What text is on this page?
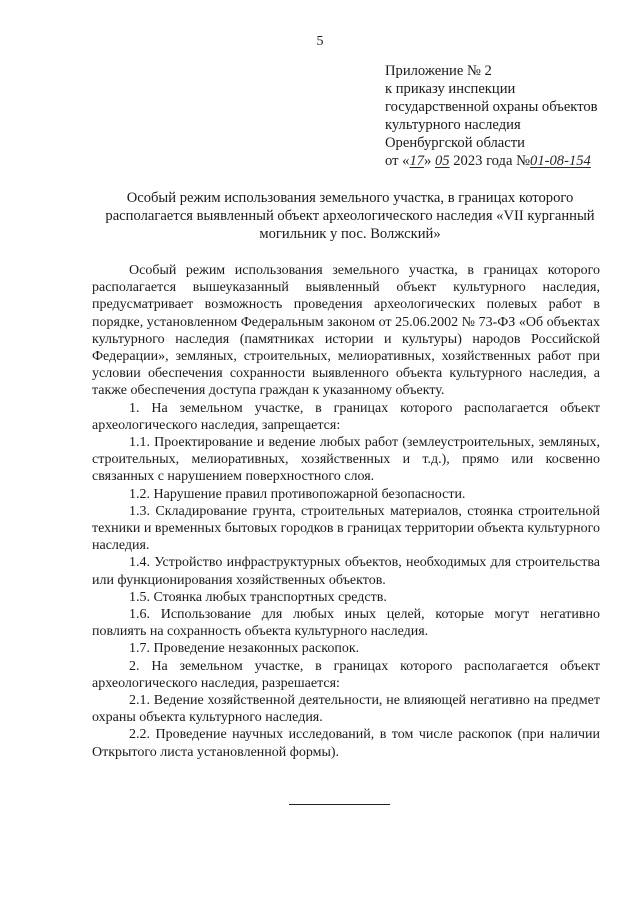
5
Приложение № 2
к приказу инспекции
государственной охраны объектов
культурного наследия
Оренбургской области
от «17» 05 2023 года №01-08-154
Особый режим использования земельного участка, в границах которого располагается выявленный объект археологического наследия «VII курганный могильник у пос. Волжский»

Особый режим использования земельного участка, в границах которого располагается вышеуказанный выявленный объект культурного наследия, предусматривает возможность проведения археологических полевых работ в порядке, установленном Федеральным законом от 25.06.2002 № 73-ФЗ «Об объектах культурного наследия (памятниках истории и культуры) народов Российской Федерации», земляных, строительных, мелиоративных, хозяйственных работ при условии обеспечения сохранности выявленного объекта культурного наследия, а также обеспечения доступа граждан к указанному объекту.

1. На земельном участке, в границах которого располагается объект археологического наследия, запрещается:

1.1. Проектирование и ведение любых работ (землеустроительных, земляных, строительных, мелиоративных, хозяйственных и т.д.), прямо или косвенно связанных с нарушением поверхностного слоя.

1.2. Нарушение правил противопожарной безопасности.

1.3. Складирование грунта, строительных материалов, стоянка строительной техники и временных бытовых городков в границах территории объекта культурного наследия.

1.4. Устройство инфраструктурных объектов, необходимых для строительства или функционирования хозяйственных объектов.

1.5. Стоянка любых транспортных средств.

1.6. Использование для любых иных целей, которые могут негативно повлиять на сохранность объекта культурного наследия.

1.7. Проведение незаконных раскопок.

2. На земельном участке, в границах которого располагается объект археологического наследия, разрешается:

2.1. Ведение хозяйственной деятельности, не влияющей негативно на предмет охраны объекта культурного наследия.

2.2. Проведение научных исследований, в том числе раскопок (при наличии Открытого листа установленной формы).
